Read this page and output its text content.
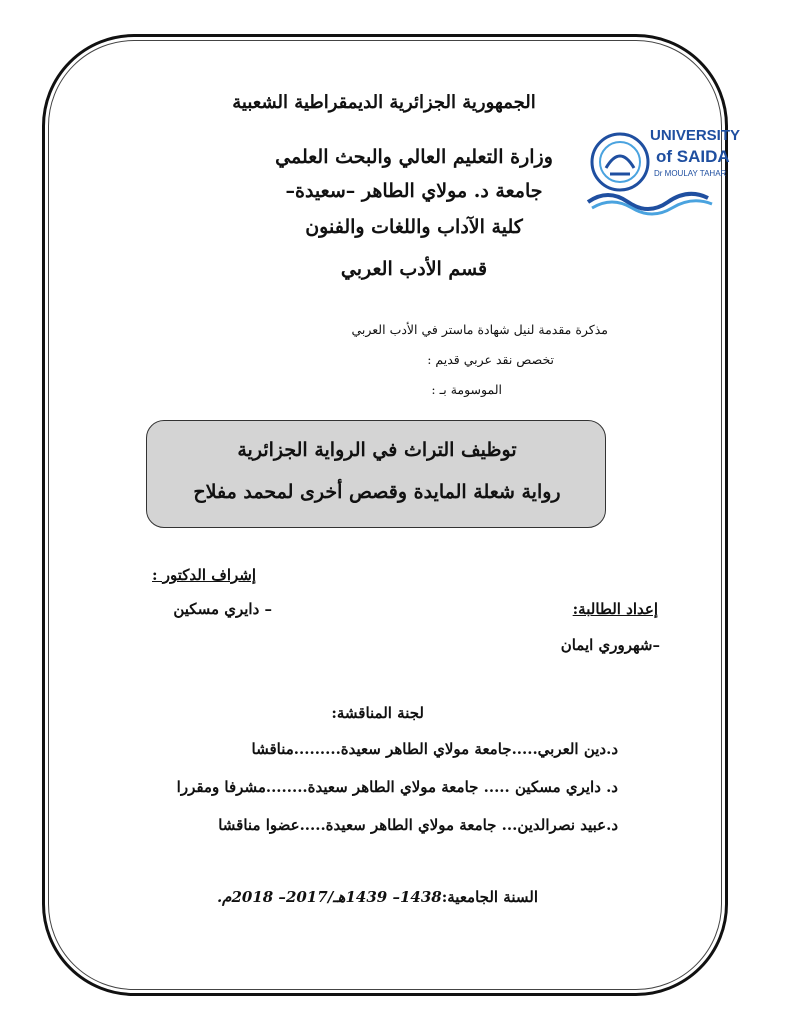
الجمهورية الجزائرية الديمقراطية الشعبية
وزارة التعليم العالي والبحث العلمي
جامعة د. مولاي الطاهر –سعيدة–
كلية الآداب واللغات والفنون
قسم الأدب العربي
UNIVERSITY
of SAIDA
Dr MOULAY TAHAR
مذكرة مقدمة لنيل شهادة ماستر في الأدب العربي
تخصص نقد عربي قديم :
الموسومة بـ :
توظيف التراث في الرواية الجزائرية
رواية شعلة المايدة وقصص أخرى لمحمد مفلاح
إشراف الدكتور :
– دايري مسكين	إعداد الطالبة:
–شهروري ايمان
لجنة المناقشة:
د.دين العربي.....جامعة مولاي الطاهر سعيدة.........مناقشا
د. دايري مسكين ..... جامعة مولاي الطاهر سعيدة........مشرفا ومقررا
د.عبيد نصرالدين... جامعة مولاي الطاهر سعيدة.....عضوا مناقشا
السنة الجامعية:1438– 1439هـ/2017– 2018م.
